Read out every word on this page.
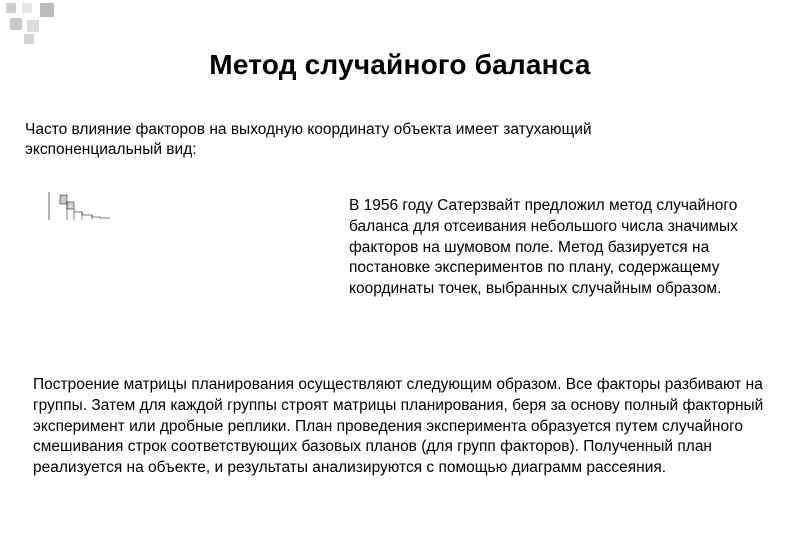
Метод случайного баланса
Часто влияние факторов на выходную координату объекта имеет затухающий экспоненциальный вид:
В 1956 году Сатерзвайт предложил метод случайного баланса для отсеивания небольшого числа значимых факторов на шумовом поле. Метод базируется на постановке экспериментов по плану, содержащему координаты точек, выбранных случайным образом.
Построение матрицы планирования осуществляют следующим образом. Все факторы разбивают на группы. Затем для каждой группы строят матрицы планирования, беря за основу полный факторный эксперимент или дробные реплики. План проведения эксперимента образуется путем случайного смешивания строк соответствующих базовых планов (для групп факторов). Полученный план реализуется на объекте, и результаты анализируются с помощью диаграмм рассеяния.
